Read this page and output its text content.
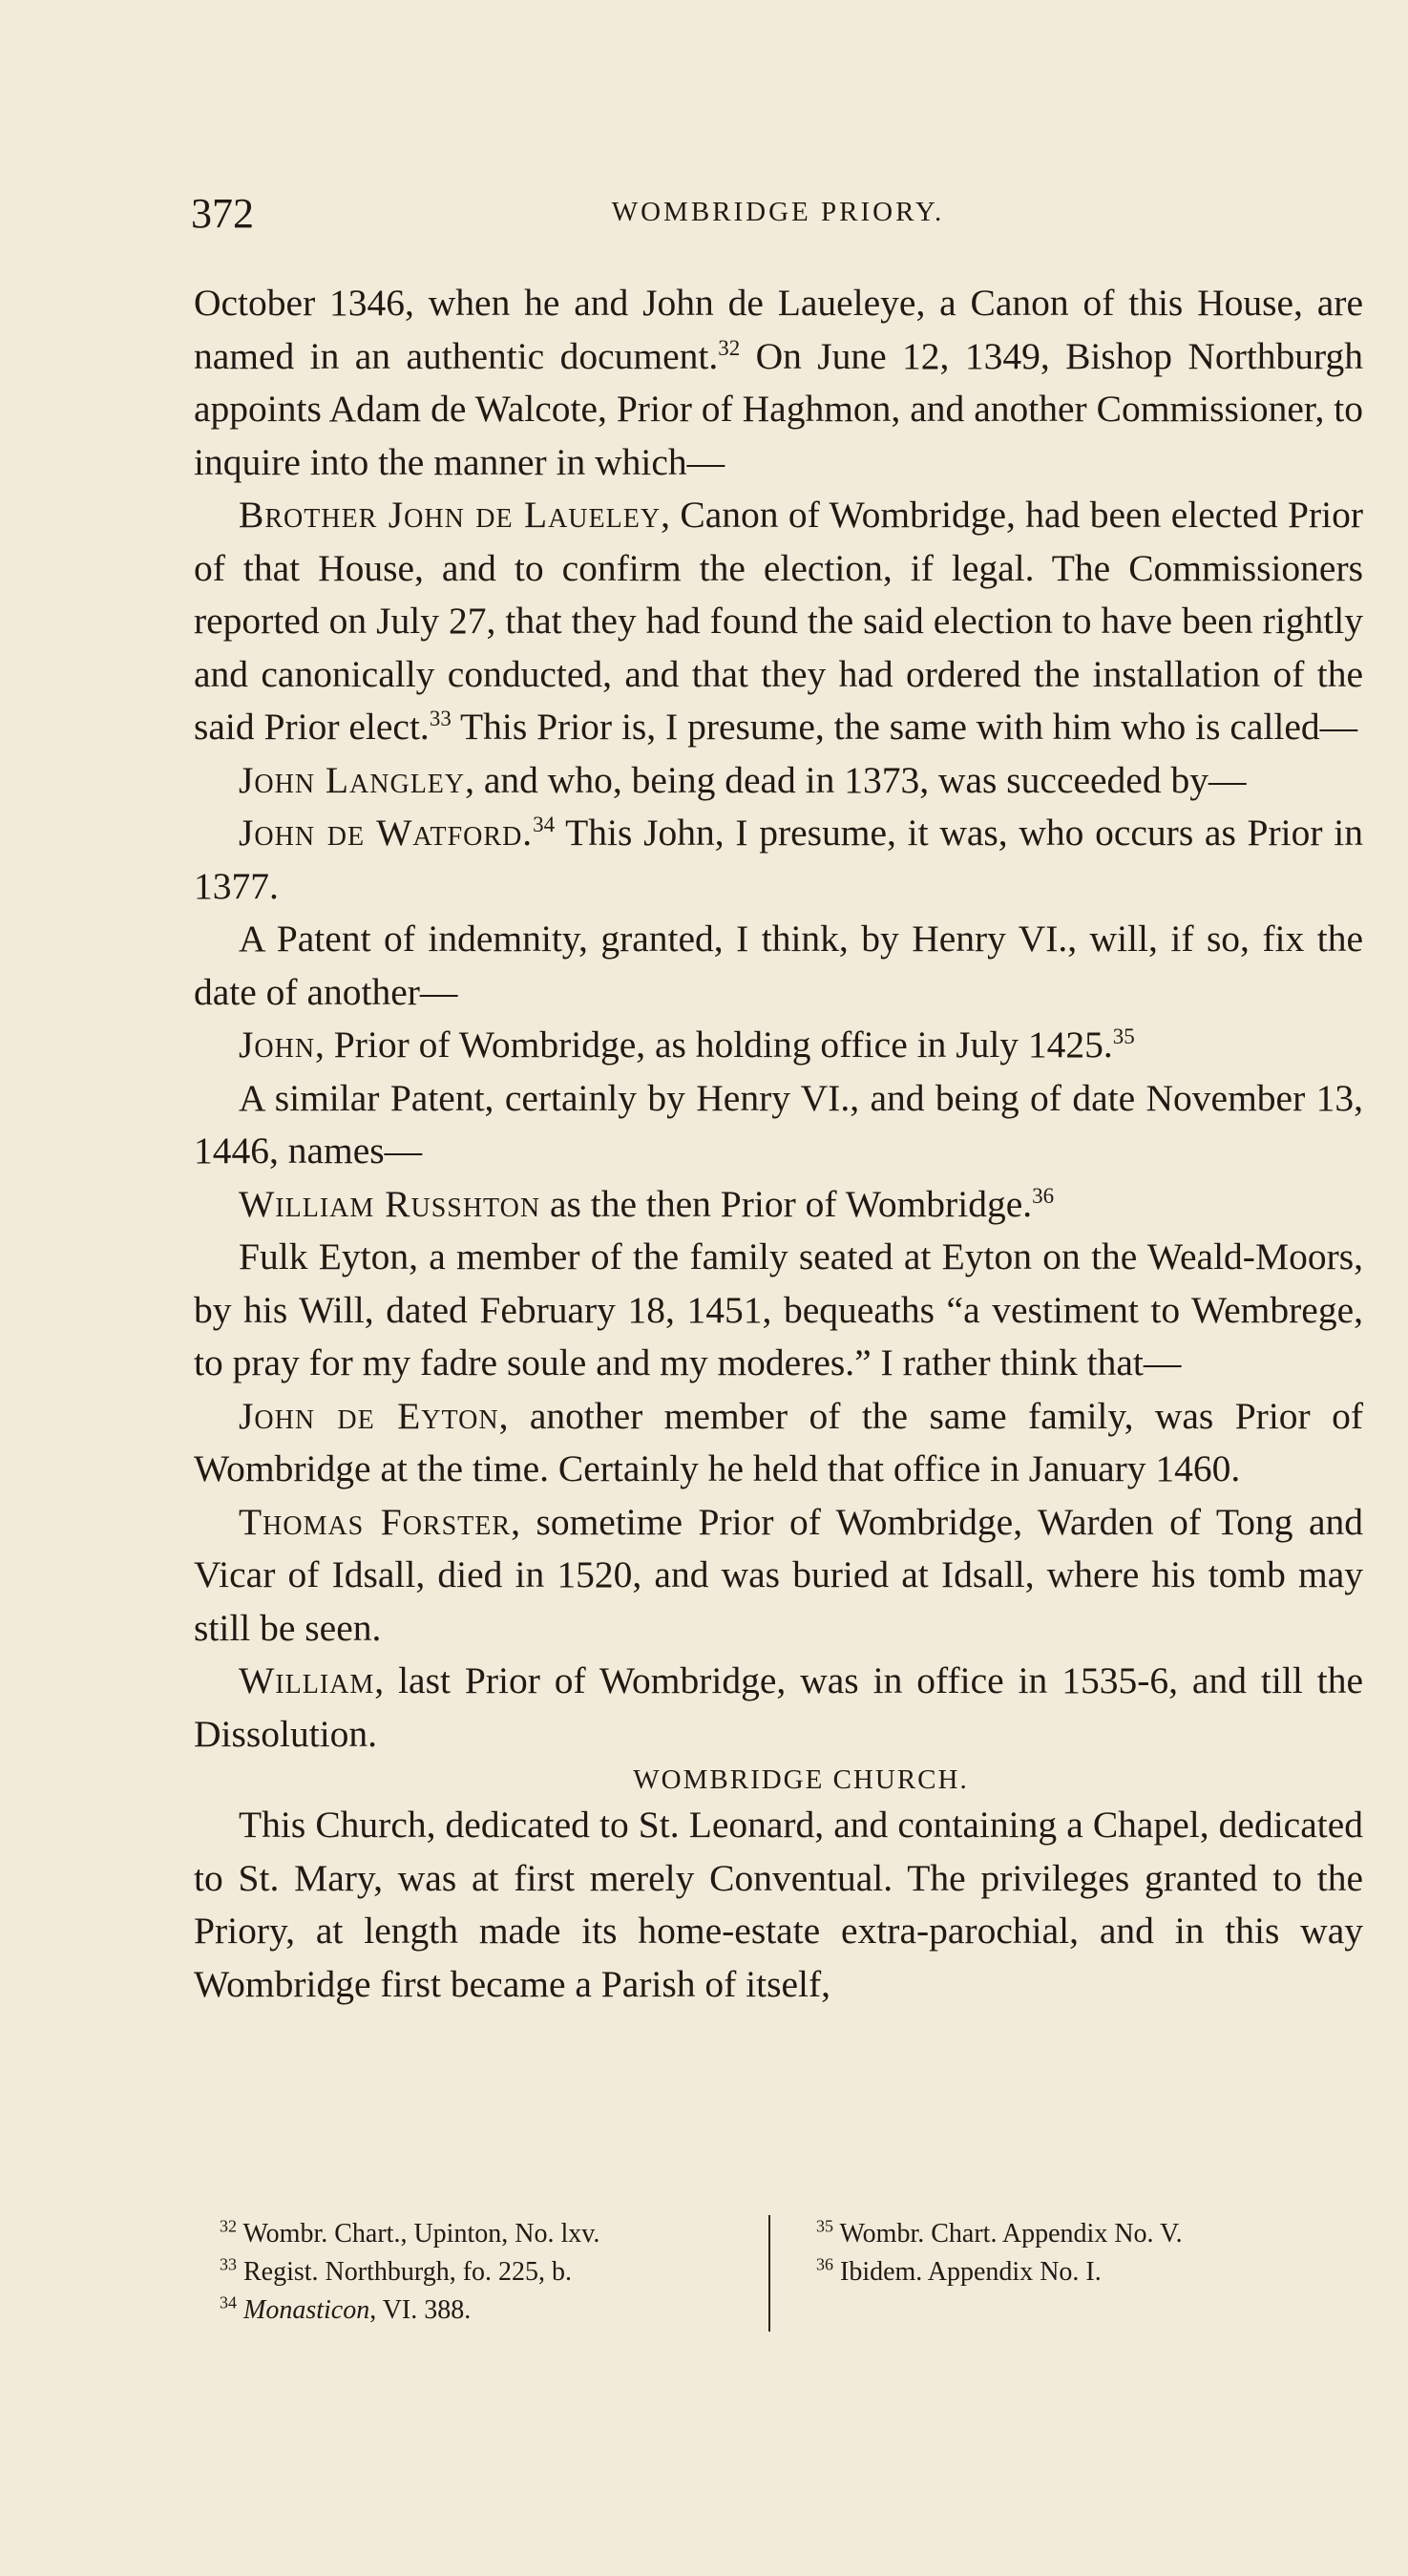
372	WOMBRIDGE PRIORY.

October 1346, when he and John de Laueleye, a Canon of this House, are named in an authentic document.$^{32}$ On June 12, 1349, Bishop Northburgh appoints Adam de Walcote, Prior of Haghmon, and another Commissioner, to inquire into the manner in which—

Brother John de Laueley, Canon of Wombridge, had been elected Prior of that House, and to confirm the election, if legal. The Commissioners reported on July 27, that they had found the said election to have been rightly and canonically conducted, and that they had ordered the installation of the said Prior elect.$^{33}$ This Prior is, I presume, the same with him who is called—

John Langley, and who, being dead in 1373, was succeeded by—

John de Watford.$^{34}$ This John, I presume, it was, who occurs as Prior in 1377.

A Patent of indemnity, granted, I think, by Henry VI., will, if so, fix the date of another—

John, Prior of Wombridge, as holding office in July 1425.35

A similar Patent, certainly by Henry VI., and being of date November 13, 1446, names—

William Russhton as the then Prior of Wombridge.$^{36}$

Fulk Eyton, a member of the family seated at Eyton on the Weald-Moors, by his Will, dated February 18, 1451, bequeaths “a vestiment to Wembrege, to pray for my fadre soule and my moderes.” I rather think that—

John de Eyton, another member of the same family, was Prior of Wombridge at the time. Certainly he held that office in January 1460.

Thomas Forster, sometime Prior of Wombridge, Warden of Tong and Vicar of Idsall, died in 1520, and was buried at Idsall, where his tomb may still be seen.

William, last Prior of Wombridge, was in office in 1535-6, and till the Dissolution.

WOMBRIDGE CHURCH.

This Church, dedicated to St. Leonard, and containing a Chapel, dedicated to St. Mary, was at first merely Conventual. The privileges granted to the Priory, at length made its home-estate extra-parochial, and in this way Wombridge first became a Parish of itself,

$^{32}$ Wombr. Chart., Upinton, No. lxv.
$^{33}$ Regist. Northburgh, fo. 225, b.
$^{34}$ Monasticon, VI. 388.
$^{35}$ Wombr. Chart. Appendix No. V.
$^{36}$ Ibidem. Appendix No. I.
